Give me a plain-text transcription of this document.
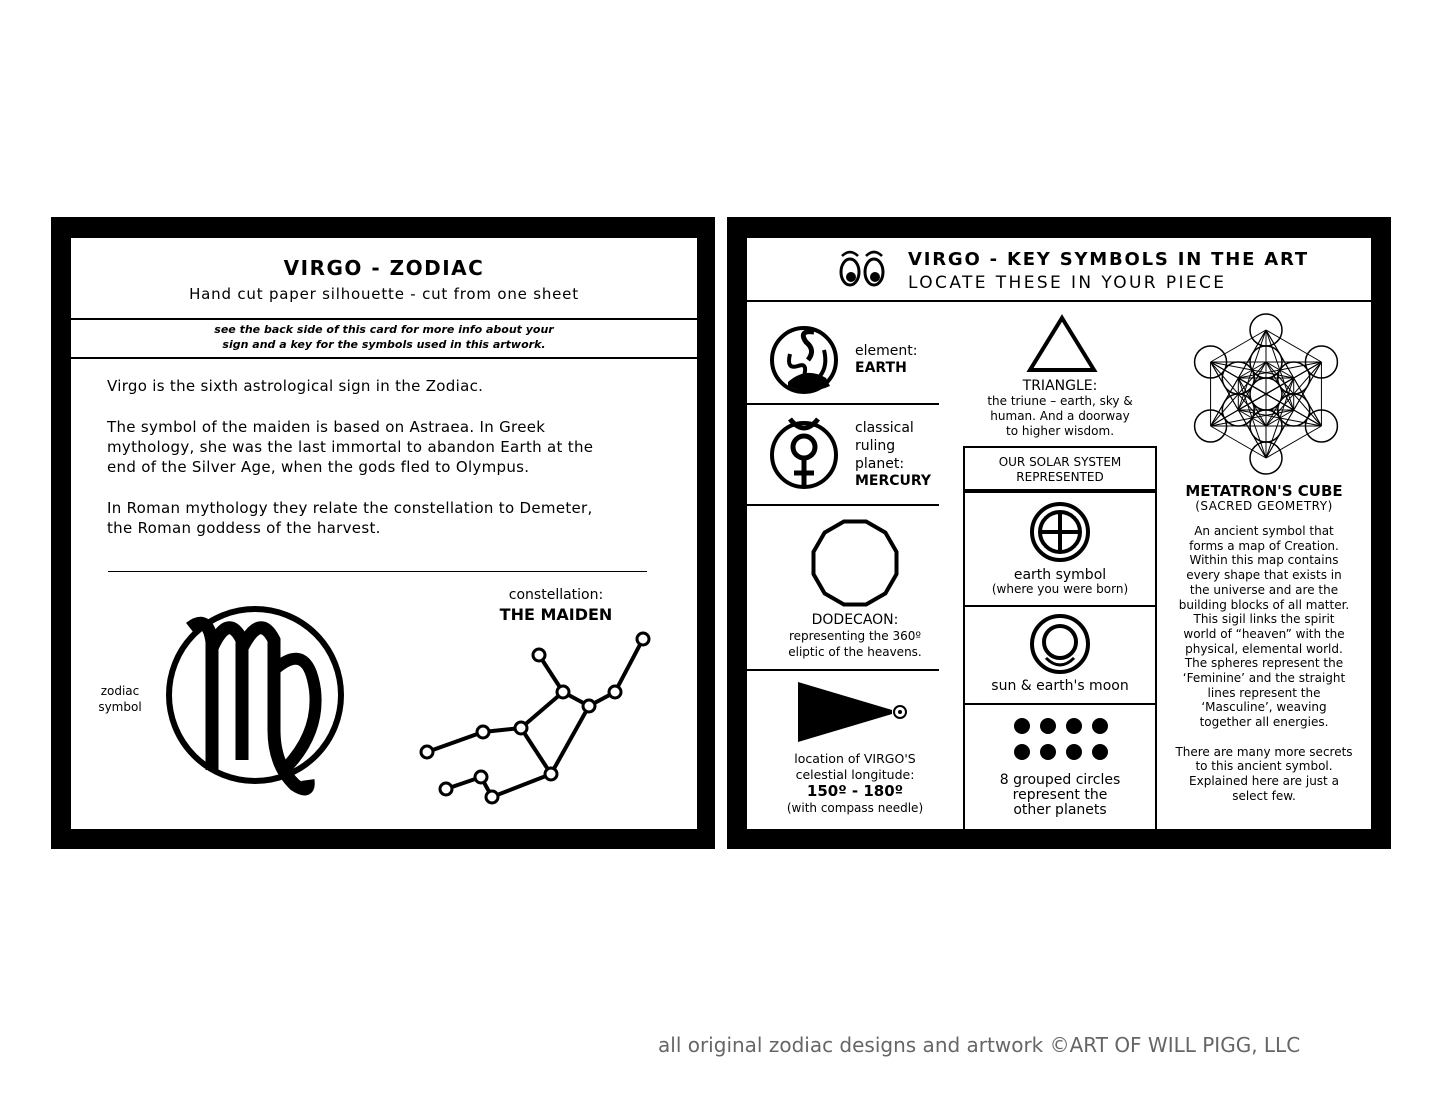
VIRGO - ZODIAC
Hand cut paper silhouette - cut from one sheet
see the back side of this card for more info about your
sign and a key for the symbols used in this artwork.
Virgo is the sixth astrological sign in the Zodiac.
The symbol of the maiden is based on Astraea. In Greek
mythology, she was the last immortal to abandon Earth at the
end of the Silver Age, when the gods fled to Olympus.
In Roman mythology they relate the constellation to Demeter,
the Roman goddess of the harvest.
zodiac
symbol
constellation:
THE MAIDEN
VIRGO - KEY SYMBOLS IN THE ART
LOCATE THESE IN YOUR PIECE
element:
EARTH
classical
ruling
planet:
MERCURY
DODECAON:
representing the 360º
eliptic of the heavens.
location of VIRGO'S
celestial longitude:
150º - 180º
(with compass needle)
TRIANGLE:
the triune – earth, sky &
human. And a doorway
to higher wisdom.
OUR SOLAR SYSTEM
REPRESENTED
earth symbol
(where you were born)
sun & earth's moon
8 grouped circles
represent the
other planets
METATRON'S CUBE
(SACRED GEOMETRY)
An ancient symbol that
forms a map of Creation.
Within this map contains
every shape that exists in
the universe and are the
building blocks of all matter.
This sigil links the spirit
world of “heaven” with the
physical, elemental world.
The spheres represent the
‘Feminine’ and the straight
lines represent the
‘Masculine’, weaving
together all energies.

There are many more secrets
to this ancient symbol.
Explained here are just a
select few.
all original zodiac designs and artwork ©ART OF WILL PIGG, LLC
